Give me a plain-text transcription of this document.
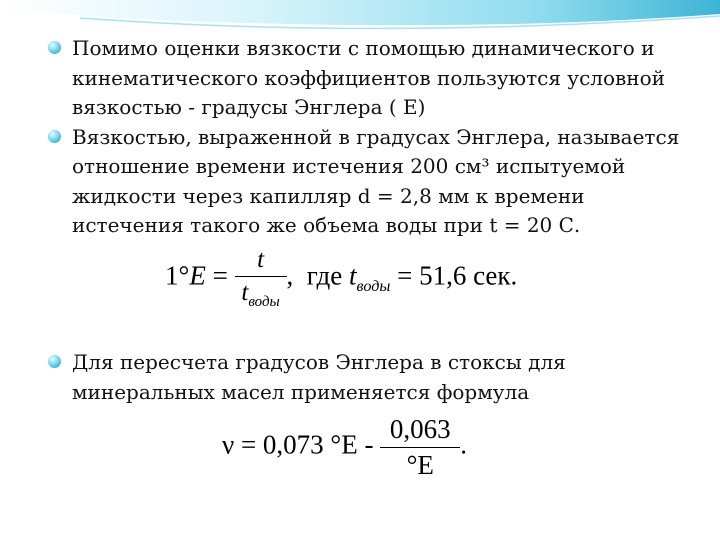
Помимо оценки вязкости с помощью динамического и кинематического коэффициентов пользуются условной вязкостью - градусы Энглера ( Е)
Вязкостью, выраженной в градусах Энглера, называется отношение времени истечения 200 см³ испытуемой жидкости через капилляр d = 2,8 мм к времени истечения такого же объема воды при t = 20 С.
$1^\circ E = \frac{t}{t_{воды}}$ , где $t_{воды} = 51,6$ сек.
Для пересчета градусов Энглера в стоксы для минеральных масел применяется формула
ν = 0,073 $^\circ E - \frac{0,063}{^\circ E}$ .
